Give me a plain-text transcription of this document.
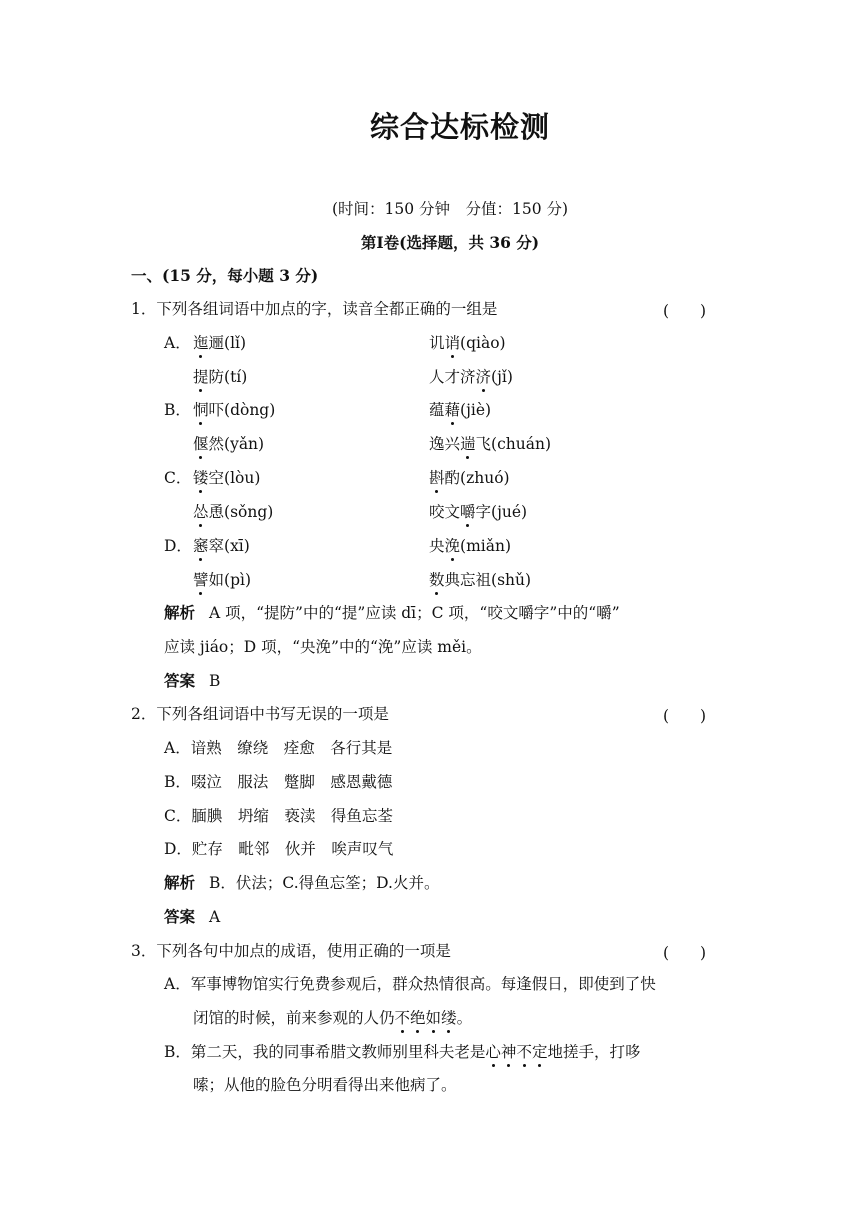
综合达标检测
(时间：150 分钟　分值：150 分)
第Ⅰ卷(选择题，共 36 分)
一、(15 分，每小题 3 分)
1．下列各组词语中加点的字，读音全都正确的一组是	(　　)
A． 迤逦(lǐ)	讥诮(qiào)
提防(tí)	人才济济(jǐ)
B． 恫吓(dòng)	蕴藉(jiè)
偃然(yǎn)	逸兴遄飞(chuán)
C． 镂空(lòu)	斟酌(zhuó)
怂恿(sǒng)	咬文嚼字(jué)
D． 窸窣(xī)	央浼(miǎn)
譬如(pì)	数典忘祖(shǔ)
解析 A 项，“提防”中的“提”应读 dī；C 项，“咬文嚼字”中的“嚼”
应读 jiáo；D 项，“央浼”中的“浼”应读 měi。
答案 B
2．下列各组词语中书写无误的一项是	(　　)
A．谙熟　缭绕　痊愈　各行其是
B．啜泣　服法　蹩脚　感恩戴德
C．腼腆　坍缩　亵渎　得鱼忘荃
D．贮存　毗邻　伙并　唉声叹气
解析 B．伏法；C.得鱼忘筌；D.火并。
答案 A
3．下列各句中加点的成语，使用正确的一项是	(　　)
A．军事博物馆实行免费参观后，群众热情很高。每逢假日，即使到了快
闭馆的时候，前来参观的人仍不绝如缕。
B．第二天，我的同事希腊文教师别里科夫老是心神不定地搓手，打哆
嗦；从他的脸色分明看得出来他病了。
